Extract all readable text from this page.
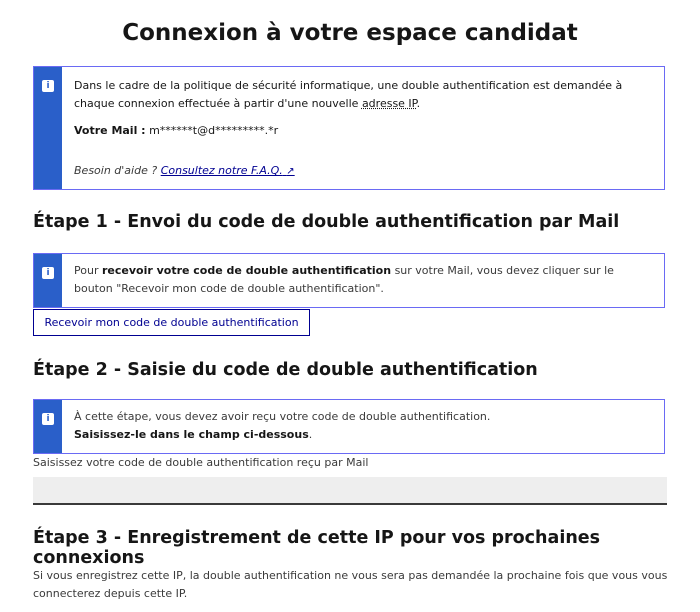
Connexion à votre espace candidat
i	Dans le cadre de la politique de sécurité informatique, une double authentification est demandée à chaque connexion effectuée à partir d'une nouvelle adresse IP.
Votre Mail : m******t@d*********.*r
Besoin d'aide ? Consultez notre F.A.Q. ↗
Étape 1 - Envoi du code de double authentification par Mail
i	Pour recevoir votre code de double authentification sur votre Mail, vous devez cliquer sur le bouton "Recevoir mon code de double authentification".
Recevoir mon code de double authentification
Étape 2 - Saisie du code de double authentification
i	À cette étape, vous devez avoir reçu votre code de double authentification.
Saisissez-le dans le champ ci-dessous.
Saisissez votre code de double authentification reçu par Mail
Étape 3 - Enregistrement de cette IP pour vos prochaines connexions
Si vous enregistrez cette IP, la double authentification ne vous sera pas demandée la prochaine fois que vous vous connecterez depuis cette IP.
